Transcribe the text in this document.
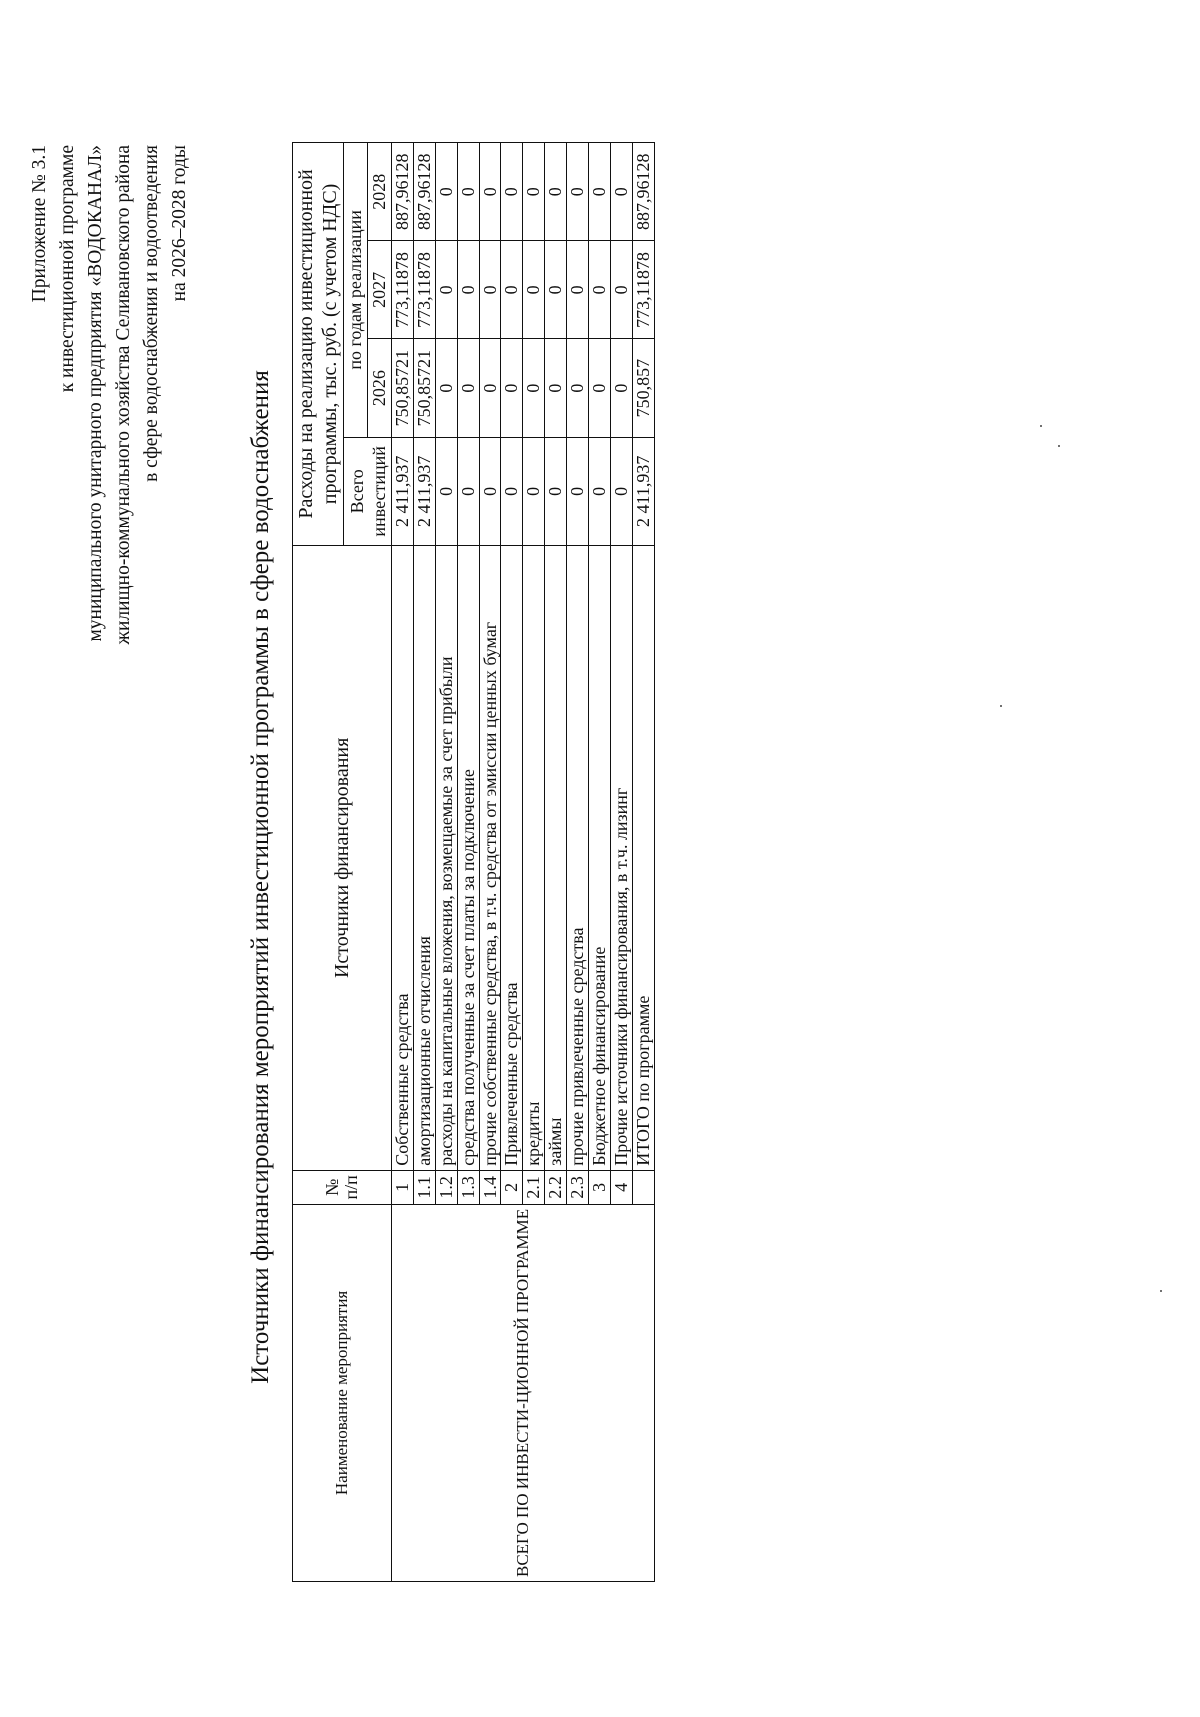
Приложение № 3.1 к инвестиционной программе муниципального унитарного предприятия «ВОДОКАНАЛ» жилищно-коммунального хозяйства Селивановского района в сфере водоснабжения и водоотведения на 2026–2028 годы
Источники финансирования мероприятий инвестиционной программы в сфере водоснабжения
Наименование мероприятия	№ п/п	Источники финансирования	Расходы на реализацию инвестиционной программы, тыс. руб. (с учетом НДС)			
			Всего инвестиций	по годам реализации		
				2026	2027	2028
ВСЕГО ПО ИНВЕСТИ-ЦИОННОЙ ПРОГРАММЕ	1	Собственные средства	2 411,937	750,85721	773,11878	887,96128
	1.1	амортизационные отчисления	2 411,937	750,85721	773,11878	887,96128
	1.2	расходы на капитальные вложения, возмещаемые за счет прибыли	0	0	0	0
	1.3	средства полученные за счет платы за подключение	0	0	0	0
	1.4	прочие собственные средства, в т.ч. средства от эмиссии ценных бумаг	0	0	0	0
	2	Привлеченные средства	0	0	0	0
	2.1	кредиты	0	0	0	0
	2.2	займы	0	0	0	0
	2.3	прочие привлеченные средства	0	0	0	0
	3	Бюджетное финансирование	0	0	0	0
	4	Прочие источники финансирования, в т.ч. лизинг	0	0	0	0
		ИТОГО по программе	2 411,937	750,857	773,11878	887,96128
